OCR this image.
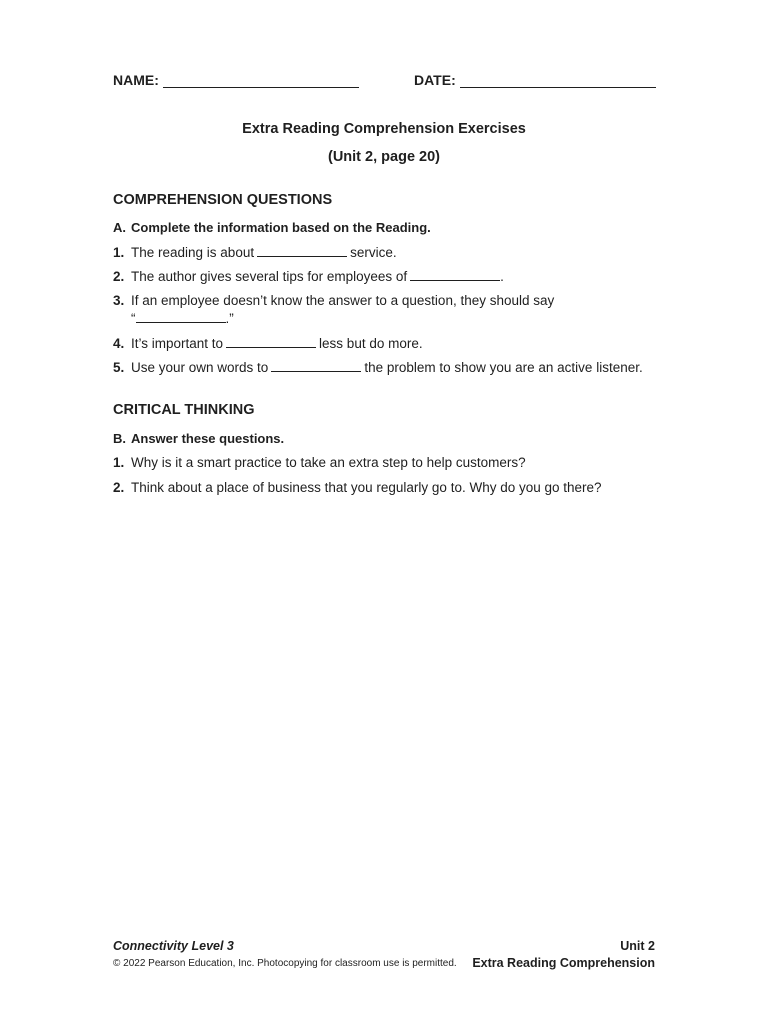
NAME:	DATE:
Extra Reading Comprehension Exercises
(Unit 2, page 20)
COMPREHENSION QUESTIONS
A. Complete the information based on the Reading.
1. The reading is about	service.
2. The author gives several tips for employees of	.
3. If an employee doesn’t know the answer to a question, they should say
“	.”
4. It’s important to	less but do more.
5. Use your own words to	the problem to show you are an active listener.
CRITICAL THINKING
B. Answer these questions.
1. Why is it a smart practice to take an extra step to help customers?
2. Think about a place of business that you regularly go to. Why do you go there?
Connectivity Level 3
© 2022 Pearson Education, Inc. Photocopying for classroom use is permitted.
Unit 2
Extra Reading Comprehension
